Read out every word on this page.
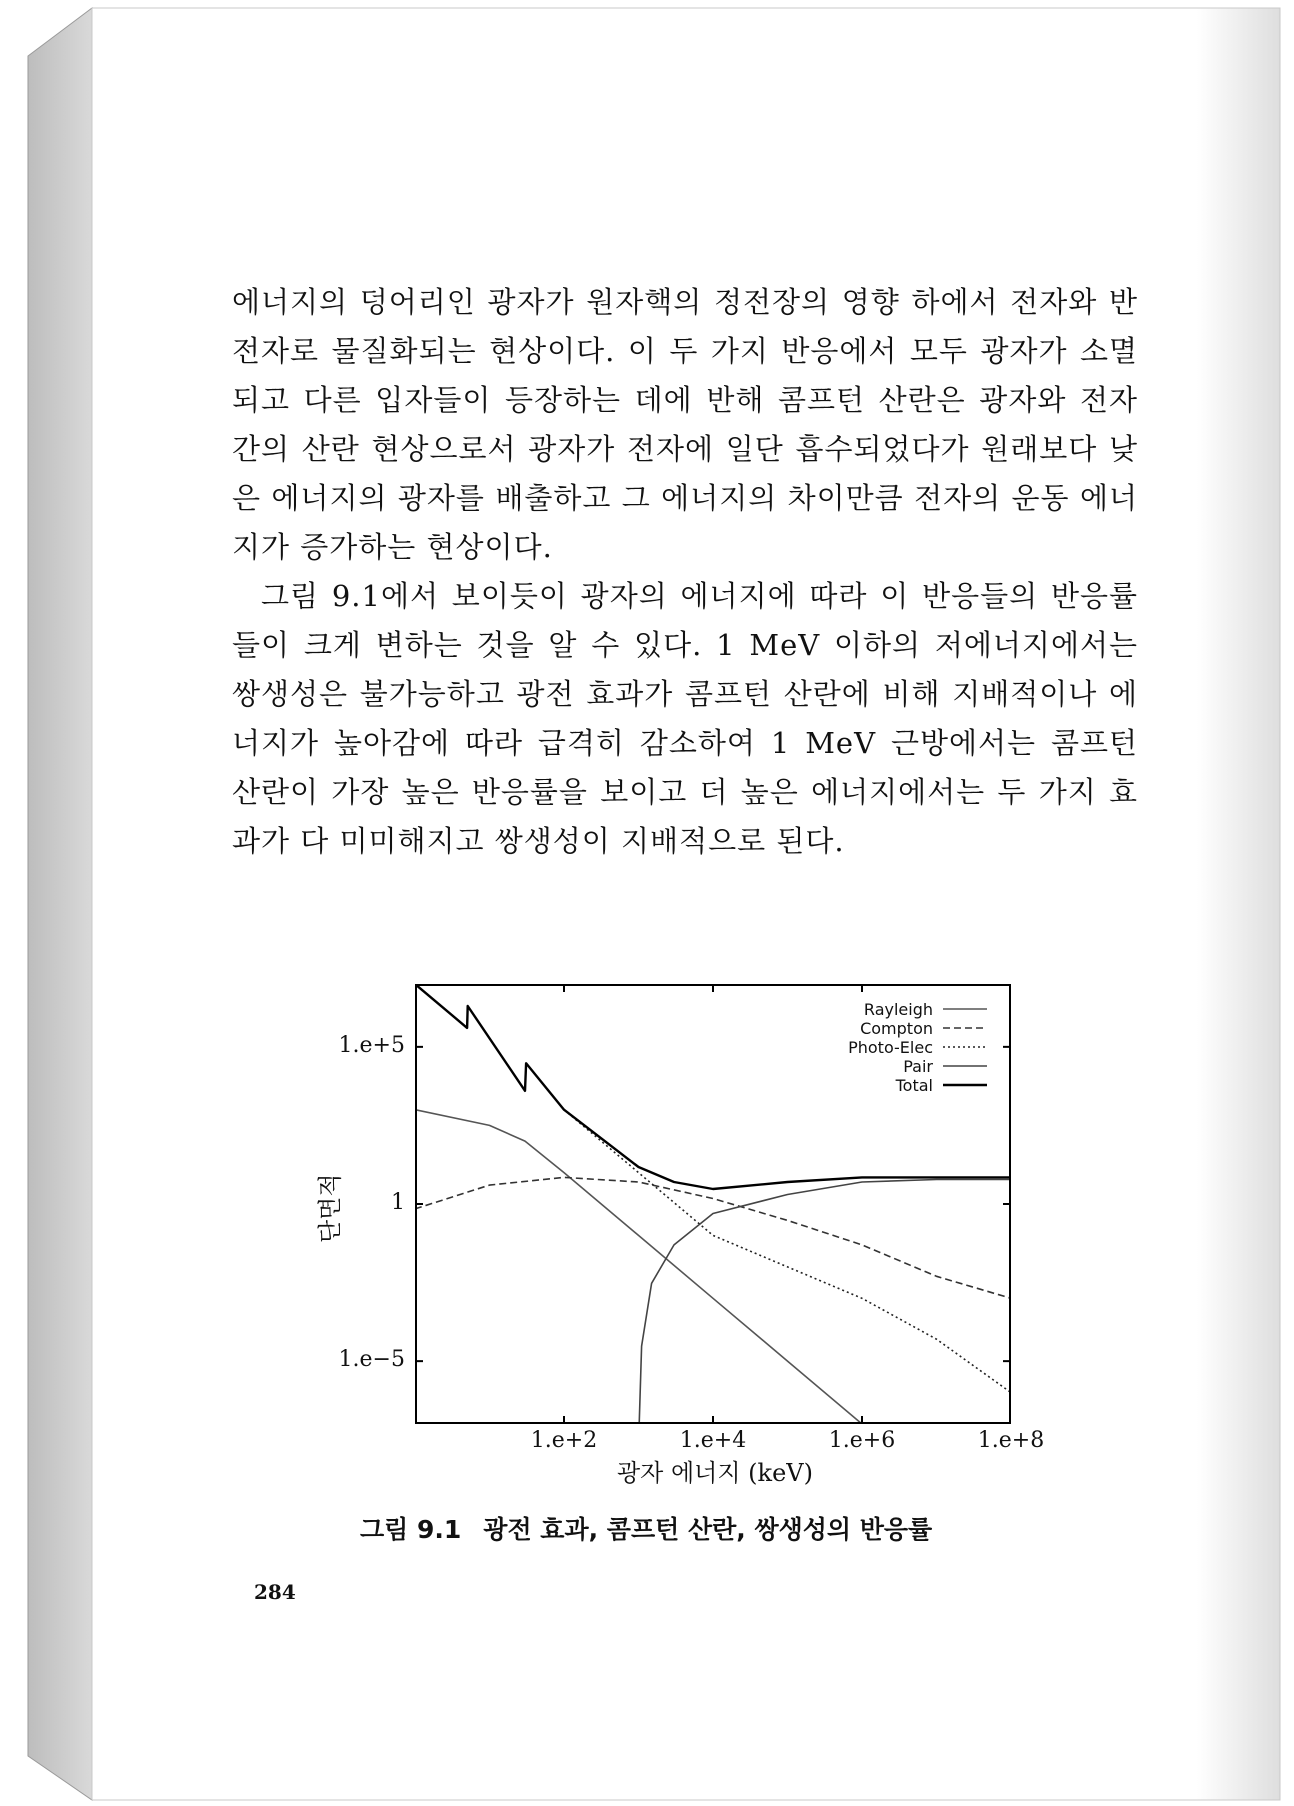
에너지의 덩어리인 광자가 원자핵의 정전장의 영향 하에서 전자와 반전자로 물질화되는 현상이다. 이 두 가지 반응에서 모두 광자가 소멸되고 다른 입자들이 등장하는 데에 반해 콤프턴 산란은 광자와 전자 간의 산란 현상으로서 광자가 전자에 일단 흡수되었다가 원래보다 낮은 에너지의 광자를 배출하고 그 에너지의 차이만큼 전자의 운동 에너지가 증가하는 현상이다.

그림 9.1에서 보이듯이 광자의 에너지에 따라 이 반응들의 반응률들이 크게 변하는 것을 알 수 있다. 1 MeV 이하의 저에너지에서는 쌍생성은 불가능하고 광전 효과가 콤프턴 산란에 비해 지배적이나 에너지가 높아감에 따라 급격히 감소하여 1 MeV 근방에서는 콤프턴 산란이 가장 높은 반응률을 보이고 더 높은 에너지에서는 두 가지 효과가 다 미미해지고 쌍생성이 지배적으로 된다.

단면적
1.e+5
1
1.e−5
1.e+2	1.e+4	1.e+6	1.e+8
Rayleigh
Compton
Photo-Elec
Pair
Total
광자 에너지 (keV)
그림 9.1 광전 효과, 콤프턴 산란, 쌍생성의 반응률
284
